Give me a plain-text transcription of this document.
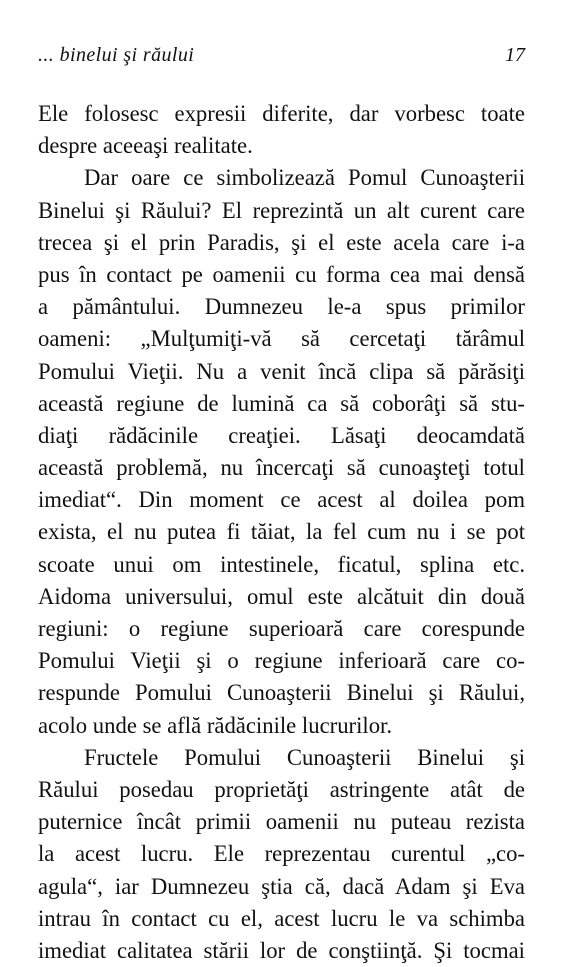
... binelui şi răului	17
Ele folosesc expresii diferite, dar vorbesc toate
despre aceeaşi realitate.
Dar oare ce simbolizează Pomul Cunoaşterii
Binelui şi Răului? El reprezintă un alt curent care
trecea şi el prin Paradis, şi el este acela care i-a
pus în contact pe oamenii cu forma cea mai densă
a pământului. Dumnezeu le-a spus primilor
oameni: „Mulţumiţi-vă să cercetaţi tărâmul
Pomului Vieţii. Nu a venit încă clipa să părăsiţi
această regiune de lumină ca să coborâţi să stu-
diaţi rădăcinile creaţiei. Lăsaţi deocamdată
această problemă, nu încercaţi să cunoaşteţi totul
imediat“. Din moment ce acest al doilea pom
exista, el nu putea fi tăiat, la fel cum nu i se pot
scoate unui om intestinele, ficatul, splina etc.
Aidoma universului, omul este alcătuit din două
regiuni: o regiune superioară care corespunde
Pomului Vieţii şi o regiune inferioară care co-
respunde Pomului Cunoaşterii Binelui şi Răului,
acolo unde se află rădăcinile lucrurilor.
Fructele Pomului Cunoaşterii Binelui şi
Răului posedau proprietăţi astringente atât de
puternice încât primii oamenii nu puteau rezista
la acest lucru. Ele reprezentau curentul „co-
agula“, iar Dumnezeu ştia că, dacă Adam şi Eva
intrau în contact cu el, acest lucru le va schimba
imediat calitatea stării lor de conştiinţă. Şi tocmai
